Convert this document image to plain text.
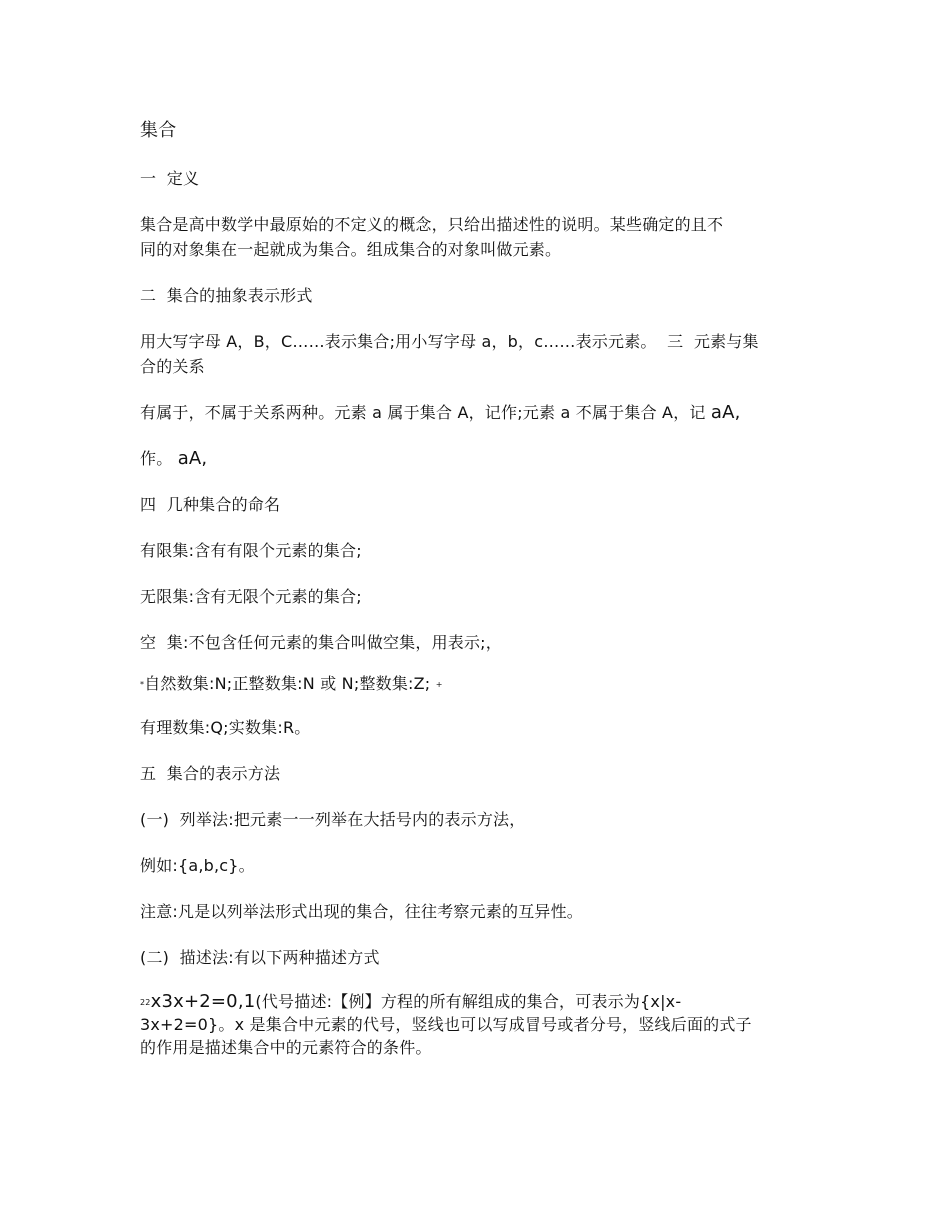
集合
一  定义
集合是高中数学中最原始的不定义的概念，只给出描述性的说明。某些确定的且不
同的对象集在一起就成为集合。组成集合的对象叫做元素。
二  集合的抽象表示形式
用大写字母 A，B，C……表示集合;用小写字母 a，b，c……表示元素。  三  元素与集
合的关系
有属于，不属于关系两种。元素 a 属于集合 A，记作;元素 a 不属于集合 A，记 aA,
作。 aA,
四  几种集合的命名
有限集:含有有限个元素的集合;
无限集:含有无限个元素的集合;
空  集:不包含任何元素的集合叫做空集，用表示;，
*自然数集:N;正整数集:N 或 N;整数集:Z; +
有理数集:Q;实数集:R。
五  集合的表示方法
(一)  列举法:把元素一一列举在大括号内的表示方法，
例如:{a,b,c}。
注意:凡是以列举法形式出现的集合，往往考察元素的互异性。
(二)  描述法:有以下两种描述方式
22x3x+2=0,1(代号描述:【例】方程的所有解组成的集合，可表示为{x|x-
3x+2=0}。x 是集合中元素的代号，竖线也可以写成冒号或者分号，竖线后面的式子
的作用是描述集合中的元素符合的条件。
